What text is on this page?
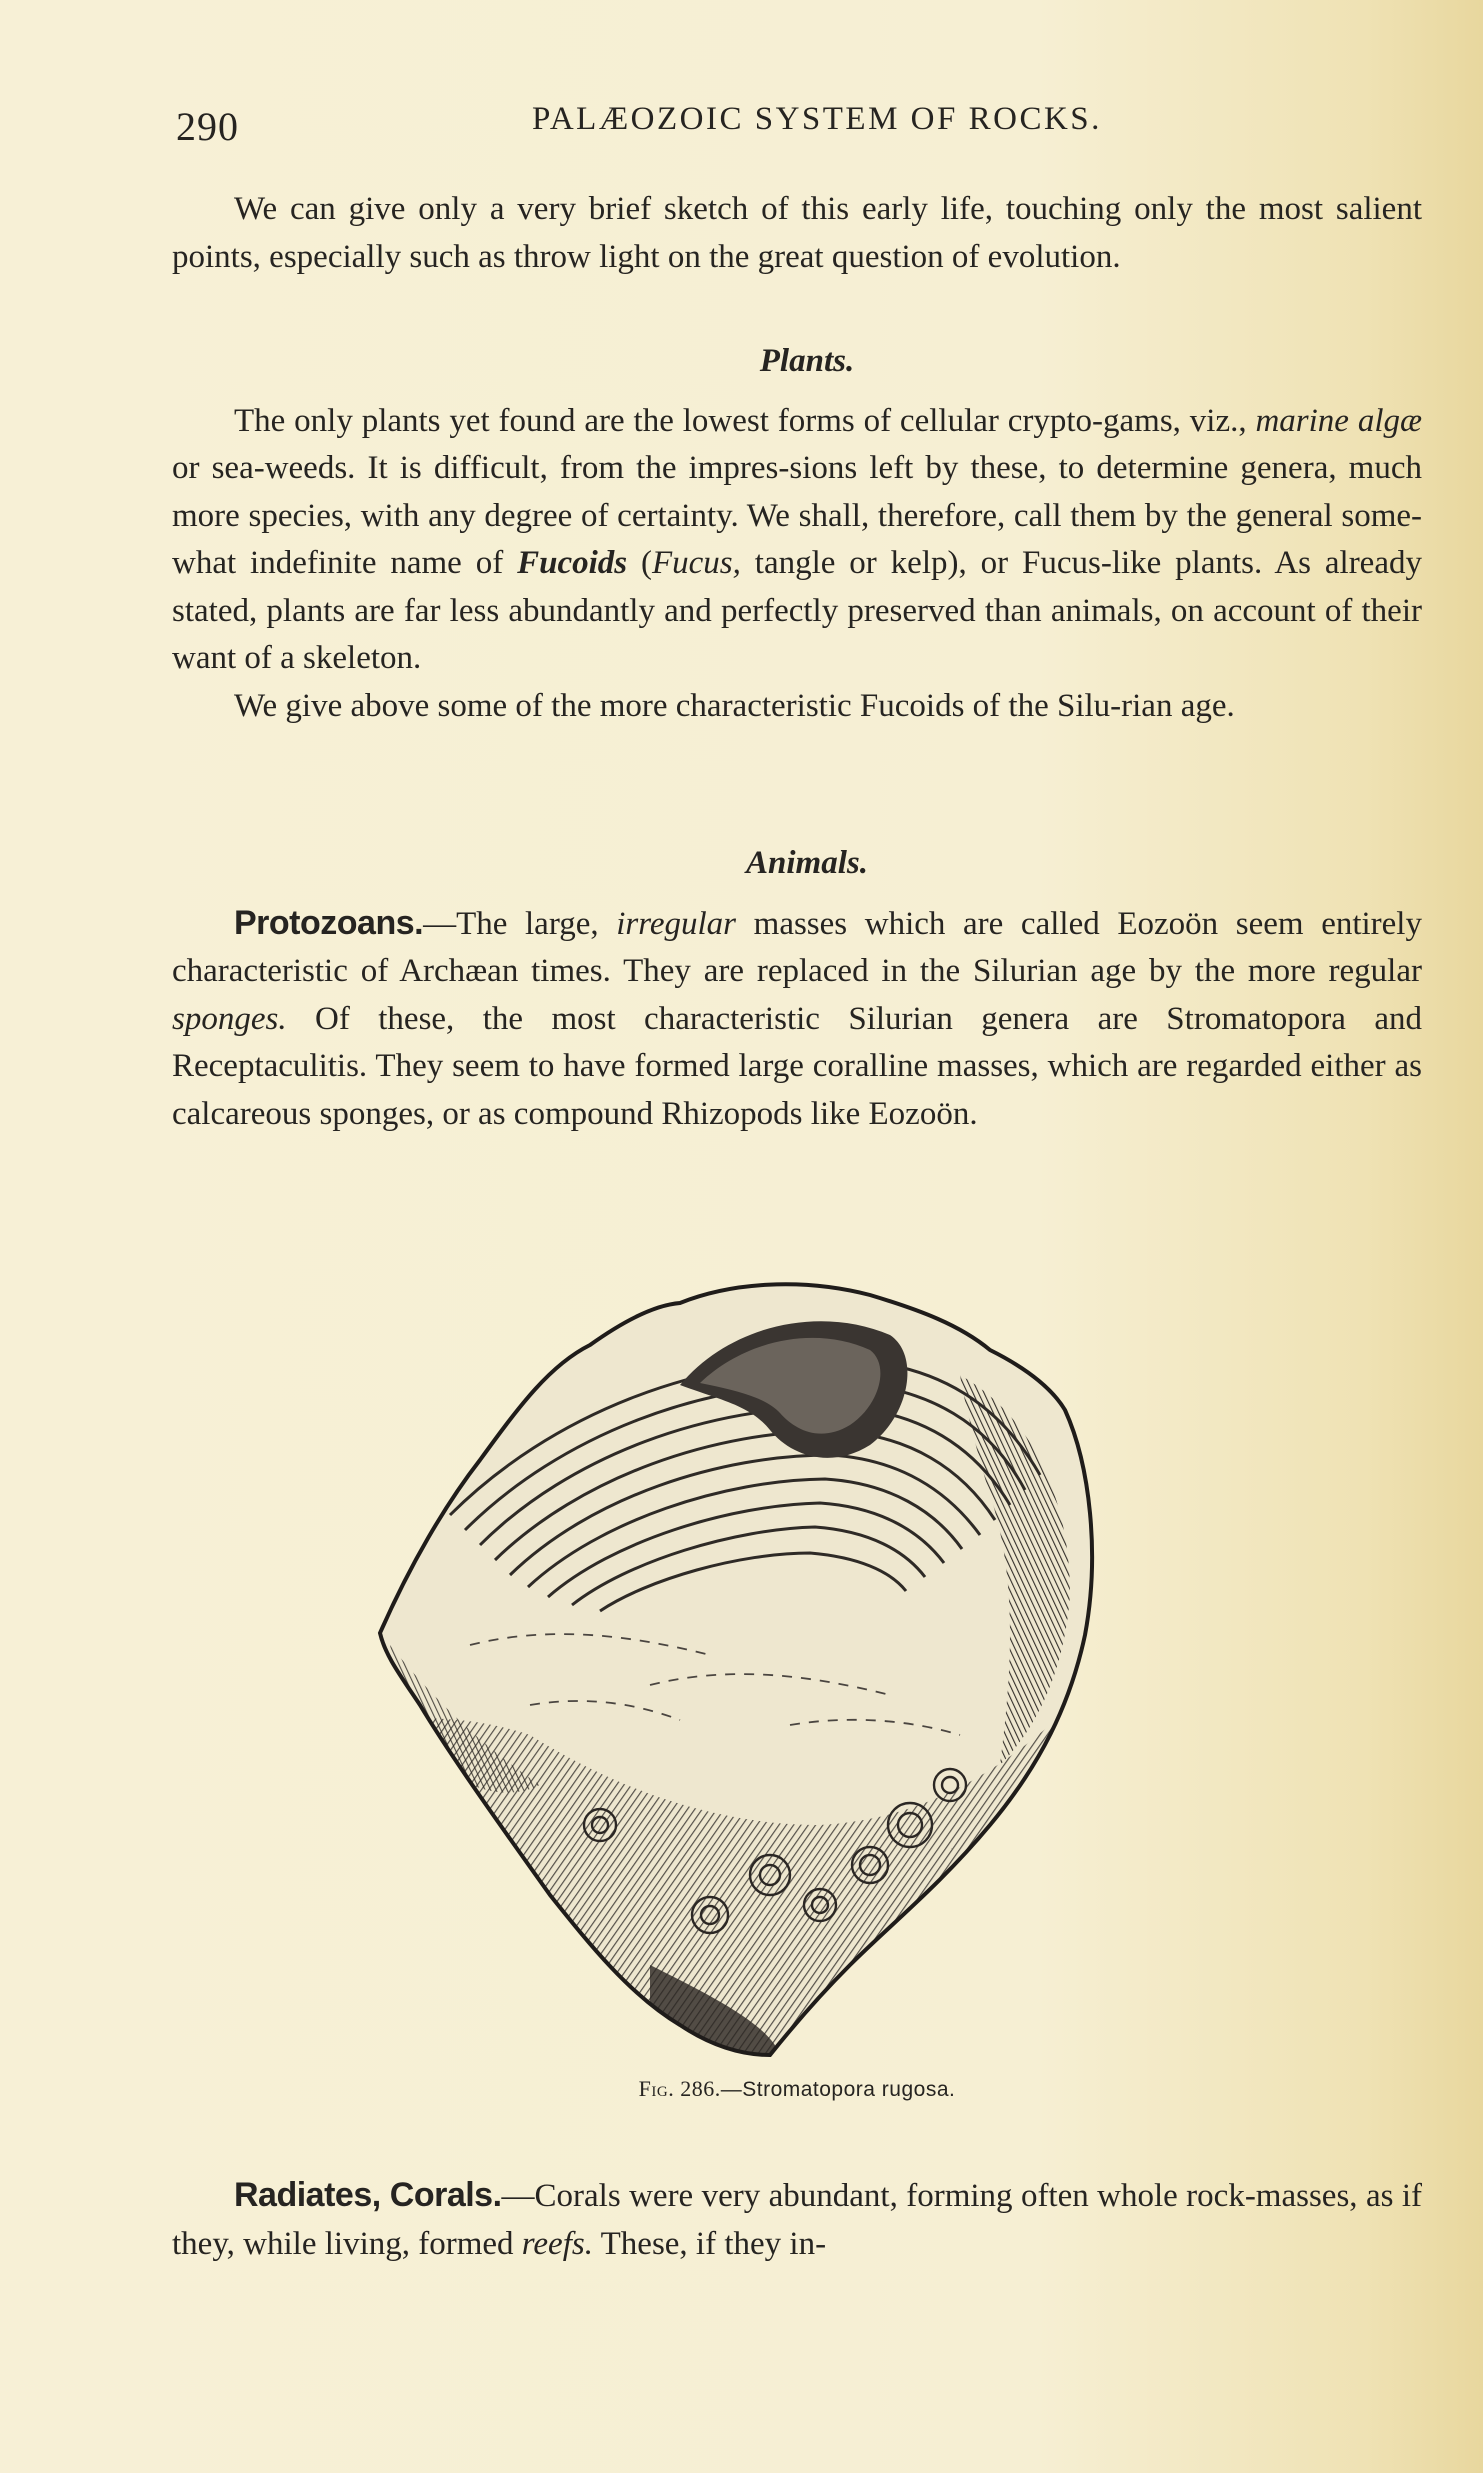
290	PALÆOZOIC SYSTEM OF ROCKS.

We can give only a very brief sketch of this early life, touching only the most salient points, especially such as throw light on the great question of evolution.

Plants.

The only plants yet found are the lowest forms of cellular crypto-gams, viz., marine algæ or sea-weeds. It is difficult, from the impres-sions left by these, to determine genera, much more species, with any degree of certainty. We shall, therefore, call them by the general some-what indefinite name of Fucoids (Fucus, tangle or kelp), or Fucus-like plants. As already stated, plants are far less abundantly and perfectly preserved than animals, on account of their want of a skeleton.

We give above some of the more characteristic Fucoids of the Silu-rian age.

Animals.

Protozoans.—The large, irregular masses which are called Eozoön seem entirely characteristic of Archæan times. They are replaced in the Silurian age by the more regular sponges. Of these, the most characteristic Silurian genera are Stromatopora and Receptaculitis. They seem to have formed large coralline masses, which are regarded either as calcareous sponges, or as compound Rhizopods like Eozoön.

Fig. 286.—Stromatopora rugosa.

Radiates, Corals.—Corals were very abundant, forming often whole rock-masses, as if they, while living, formed reefs. These, if they in-
